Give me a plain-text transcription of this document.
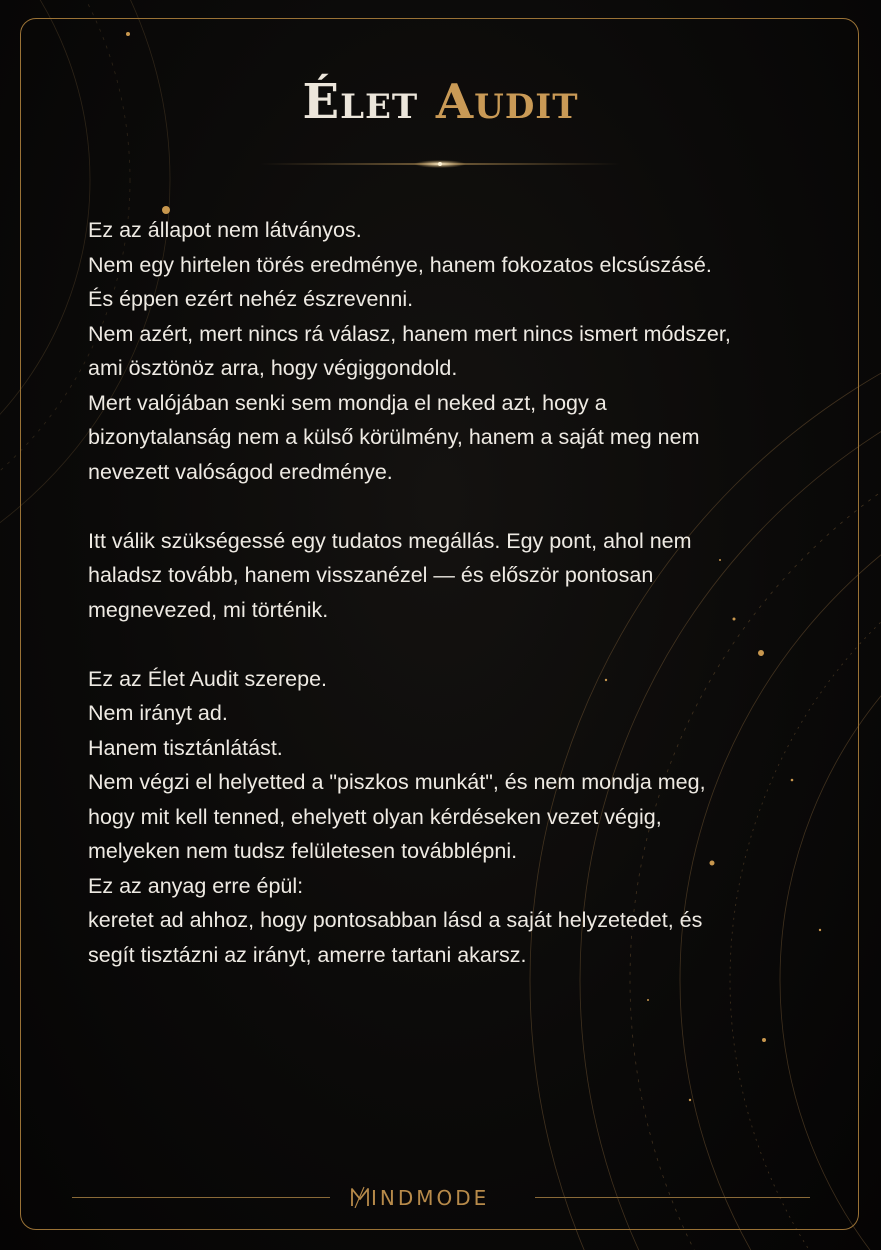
Élet Audit
Ez az állapot nem látványos.
Nem egy hirtelen törés eredménye, hanem fokozatos elcsúszásé.
És éppen ezért nehéz észrevenni.
Nem azért, mert nincs rá válasz, hanem mert nincs ismert módszer,
ami ösztönöz arra, hogy végiggondold.
Mert valójában senki sem mondja el neked azt, hogy a
bizonytalanság nem a külső körülmény, hanem a saját meg nem
nevezett valóságod eredménye.
Itt válik szükségessé egy tudatos megállás. Egy pont, ahol nem
haladsz tovább, hanem visszanézel — és először pontosan
megnevezed, mi történik.
Ez az Élet Audit szerepe.
Nem irányt ad.
Hanem tisztánlátást.
Nem végzi el helyetted a "piszkos munkát", és nem mondja meg,
hogy mit kell tenned, ehelyett olyan kérdéseken vezet végig,
melyeken nem tudsz felületesen továbblépni.
Ez az anyag erre épül:
keretet ad ahhoz, hogy pontosabban lásd a saját helyzetedet, és
segít tisztázni az irányt, amerre tartani akarsz.
INDMODE
